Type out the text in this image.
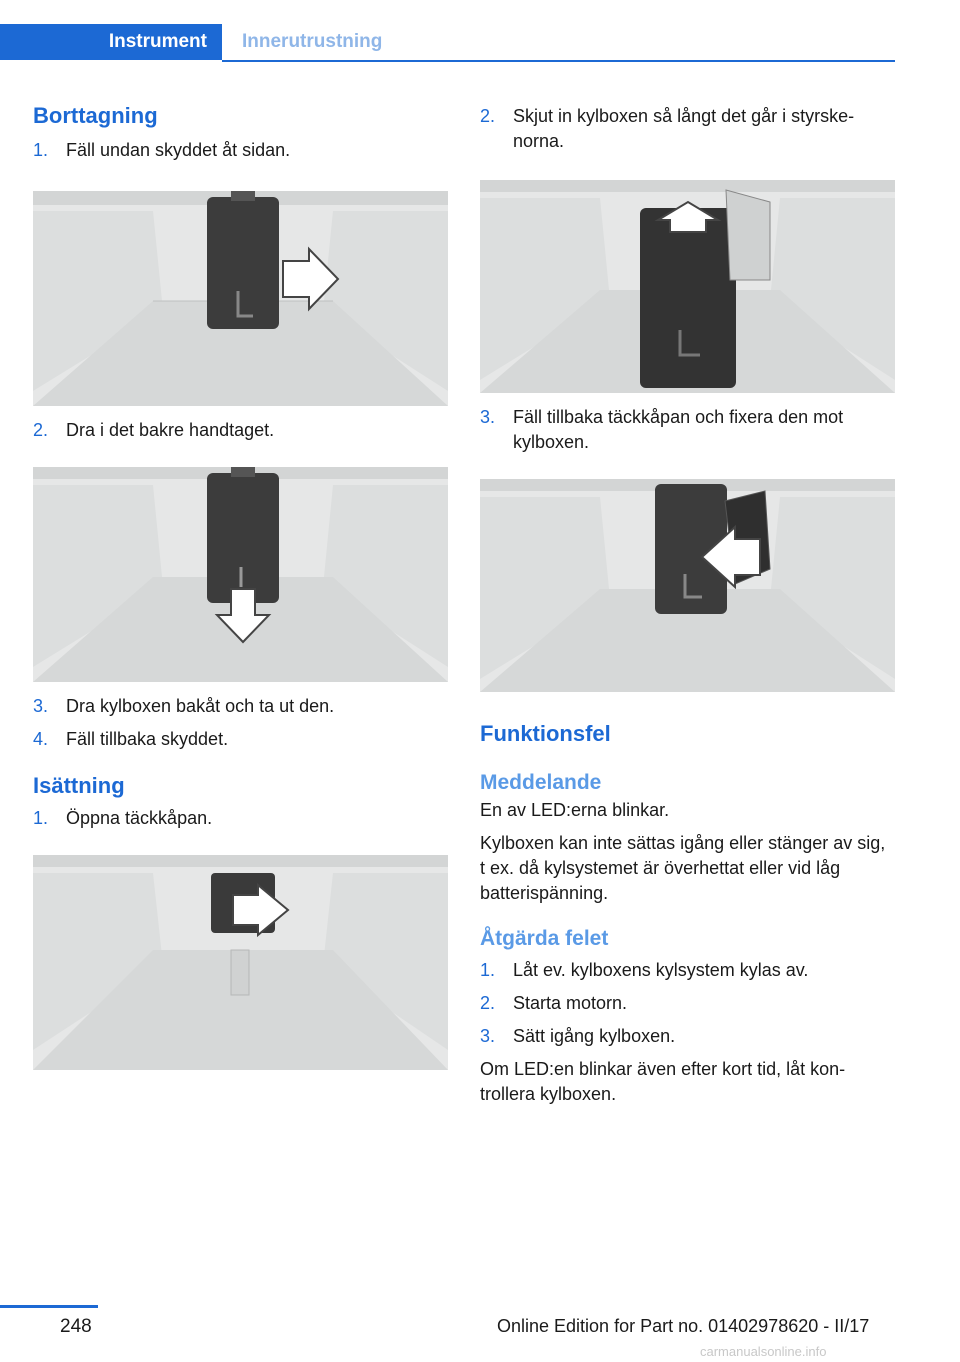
Instrument	Innerutrustning
Borttagning
1. Fäll undan skyddet åt sidan.
2. Dra i det bakre handtaget.
3. Dra kylboxen bakåt och ta ut den.
4. Fäll tillbaka skyddet.
Isättning
1. Öppna täckkåpan.
2. Skjut in kylboxen så långt det går i styrske‐ norna.
3. Fäll tillbaka täckkåpan och fixera den mot kylboxen.
Funktionsfel
Meddelande

En av LED:erna blinkar.

Kylboxen kan inte sättas igång eller stänger av sig, t ex. då kylsystemet är överhettat eller vid låg batterispänning.

Åtgärda felet
1. Låt ev. kylboxens kylsystem kylas av.
2. Starta motorn.
3. Sätt igång kylboxen.

Om LED:en blinkar även efter kort tid, låt kon‐ trollera kylboxen.

248	Online Edition for Part no. 01402978620 - II/17
carmanualsonline.info
